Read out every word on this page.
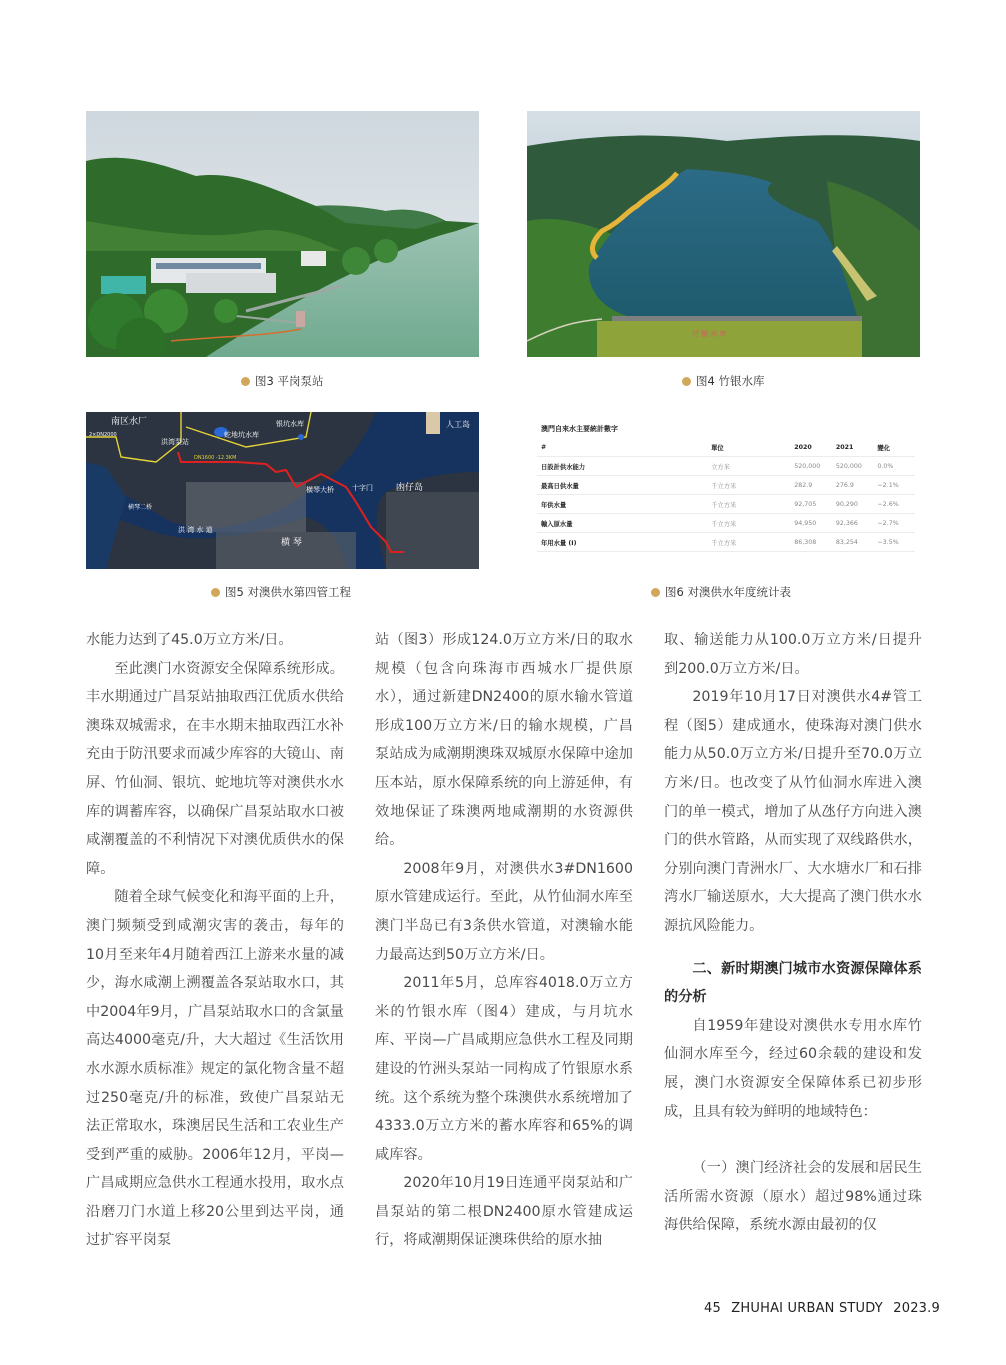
图3 平岗泵站
竹 银 水 库
图4 竹银水库
南区水厂	银坑水库
蛇地坑水库
洪湾泵站
2×DN2000
DN1600 -12.3KM
横琴大桥	十字门	凼仔岛
人工岛
洪 湾 水 道
横 琴
横琴二桥
图5 对澳供水第四管工程
澳門自來水主要統計數字
#	單位	2020	2021	變化
日設計供水能力	立方米	520,000	520,000	0.0%
最高日供水量	千立方米	282.9	276.9	−2.1%
年供水量	千立方米	92,705	90,290	−2.6%
輸入原水量	千立方米	94,950	92,366	−2.7%
年用水量 (I)	千立方米	86,308	83,254	−3.5%
图6 对澳供水年度统计表

水能力达到了45.0万立方米/日。

至此澳门水资源安全保障系统形成。丰水期通过广昌泵站抽取西江优质水供给澳珠双城需求，在丰水期末抽取西江水补充由于防汛要求而减少库容的大镜山、南屏、竹仙洞、银坑、蛇地坑等对澳供水水库的调蓄库容，以确保广昌泵站取水口被咸潮覆盖的不利情况下对澳优质供水的保障。

随着全球气候变化和海平面的上升，澳门频频受到咸潮灾害的袭击，每年的10月至来年4月随着西江上游来水量的减少，海水咸潮上溯覆盖各泵站取水口，其中2004年9月，广昌泵站取水口的含氯量高达4000毫克/升，大大超过《生活饮用水水源水质标准》规定的氯化物含量不超过250毫克/升的标准，致使广昌泵站无法正常取水，珠澳居民生活和工农业生产受到严重的威胁。2006年12月，平岗—广昌咸期应急供水工程通水投用，取水点沿磨刀门水道上移20公里到达平岗，通过扩容平岗泵

站（图3）形成124.0万立方米/日的取水规模（包含向珠海市西城水厂提供原水），通过新建DN2400的原水输水管道形成100万立方米/日的输水规模，广昌泵站成为咸潮期澳珠双城原水保障中途加压本站，原水保障系统的向上游延伸，有效地保证了珠澳两地咸潮期的水资源供给。

2008年9月，对澳供水3#DN1600原水管建成运行。至此，从竹仙洞水库至澳门半岛已有3条供水管道，对澳输水能力最高达到50万立方米/日。

2011年5月，总库容4018.0万立方米的竹银水库（图4）建成，与月坑水库、平岗—广昌咸期应急供水工程及同期建设的竹洲头泵站一同构成了竹银原水系统。这个系统为整个珠澳供水系统增加了4333.0万立方米的蓄水库容和65%的调咸库容。

2020年10月19日连通平岗泵站和广昌泵站的第二根DN2400原水管建成运行，将咸潮期保证澳珠供给的原水抽

取、输送能力从100.0万立方米/日提升到200.0万立方米/日。

2019年10月17日对澳供水4#管工程（图5）建成通水，使珠海对澳门供水能力从50.0万立方米/日提升至70.0万立方米/日。也改变了从竹仙洞水库进入澳门的单一模式，增加了从氹仔方向进入澳门的供水管路，从而实现了双线路供水，分别向澳门青洲水厂、大水塘水厂和石排湾水厂输送原水，大大提高了澳门供水水源抗风险能力。

二、新时期澳门城市水资源保障体系的分析

自1959年建设对澳供水专用水库竹仙洞水库至今，经过60余载的建设和发展，澳门水资源安全保障体系已初步形成，且具有较为鲜明的地域特色：

（一）澳门经济社会的发展和居民生活所需水资源（原水）超过98%通过珠海供给保障，系统水源由最初的仅

45 ZHUHAI URBAN STUDY 2023.9
